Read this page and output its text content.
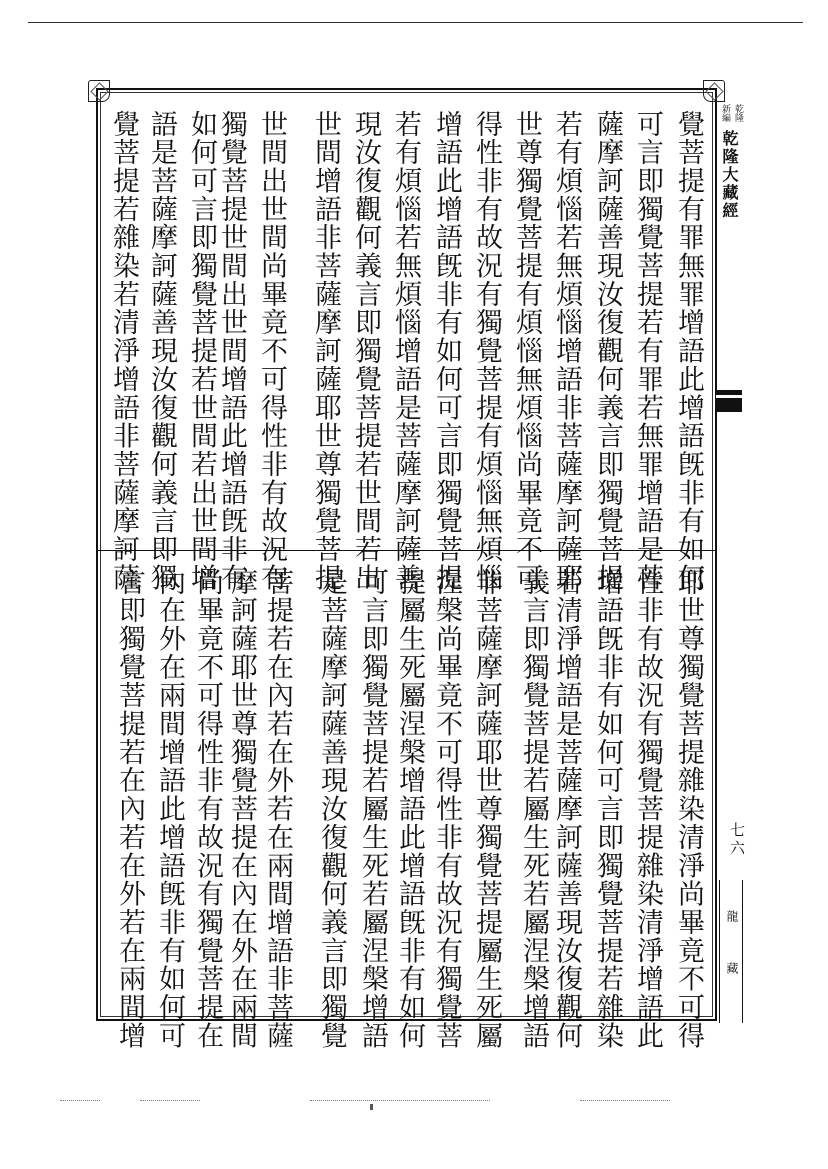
乾隆
新編
乾隆大藏經
七六
龍 藏
覺菩提有罪無罪增語此增語旣非有如何
可言即獨覺菩提若有罪若無罪增語是菩
薩摩訶薩善現汝復觀何義言即獨覺菩提
若有煩惱若無煩惱增語非菩薩摩訶薩耶
世尊獨覺菩提有煩惱無煩惱尚畢竟不可
得性非有故況有獨覺菩提有煩惱無煩惱
增語此增語旣非有如何可言即獨覺菩提
若有煩惱若無煩惱增語是菩薩摩訶薩善
現汝復觀何義言即獨覺菩提若世間若出
世間增語非菩薩摩訶薩耶世尊獨覺菩提
世間出世間尚畢竟不可得性非有故況有
獨覺菩提世間出世間增語此增語旣非有
如何可言即獨覺菩提若世間若出世間增
語是菩薩摩訶薩善現汝復觀何義言即獨
覺菩提若雜染若清淨增語非菩薩摩訶薩
耶世尊獨覺菩提雜染清淨尚畢竟不可得
性非有故況有獨覺菩提雜染清淨增語此
增語旣非有如何可言即獨覺菩提若雜染
若清淨增語是菩薩摩訶薩善現汝復觀何
義言即獨覺菩提若屬生死若屬涅槃增語
非菩薩摩訶薩耶世尊獨覺菩提屬生死屬
涅槃尚畢竟不可得性非有故況有獨覺菩
提屬生死屬涅槃增語此增語旣非有如何
可言即獨覺菩提若屬生死若屬涅槃增語
是菩薩摩訶薩善現汝復觀何義言即獨覺
菩提若在內若在外若在兩間增語非菩薩
摩訶薩耶世尊獨覺菩提在內在外在兩間
尚畢竟不可得性非有故況有獨覺菩提在
內在外在兩間增語此增語旣非有如何可
言即獨覺菩提若在內若在外若在兩間增
